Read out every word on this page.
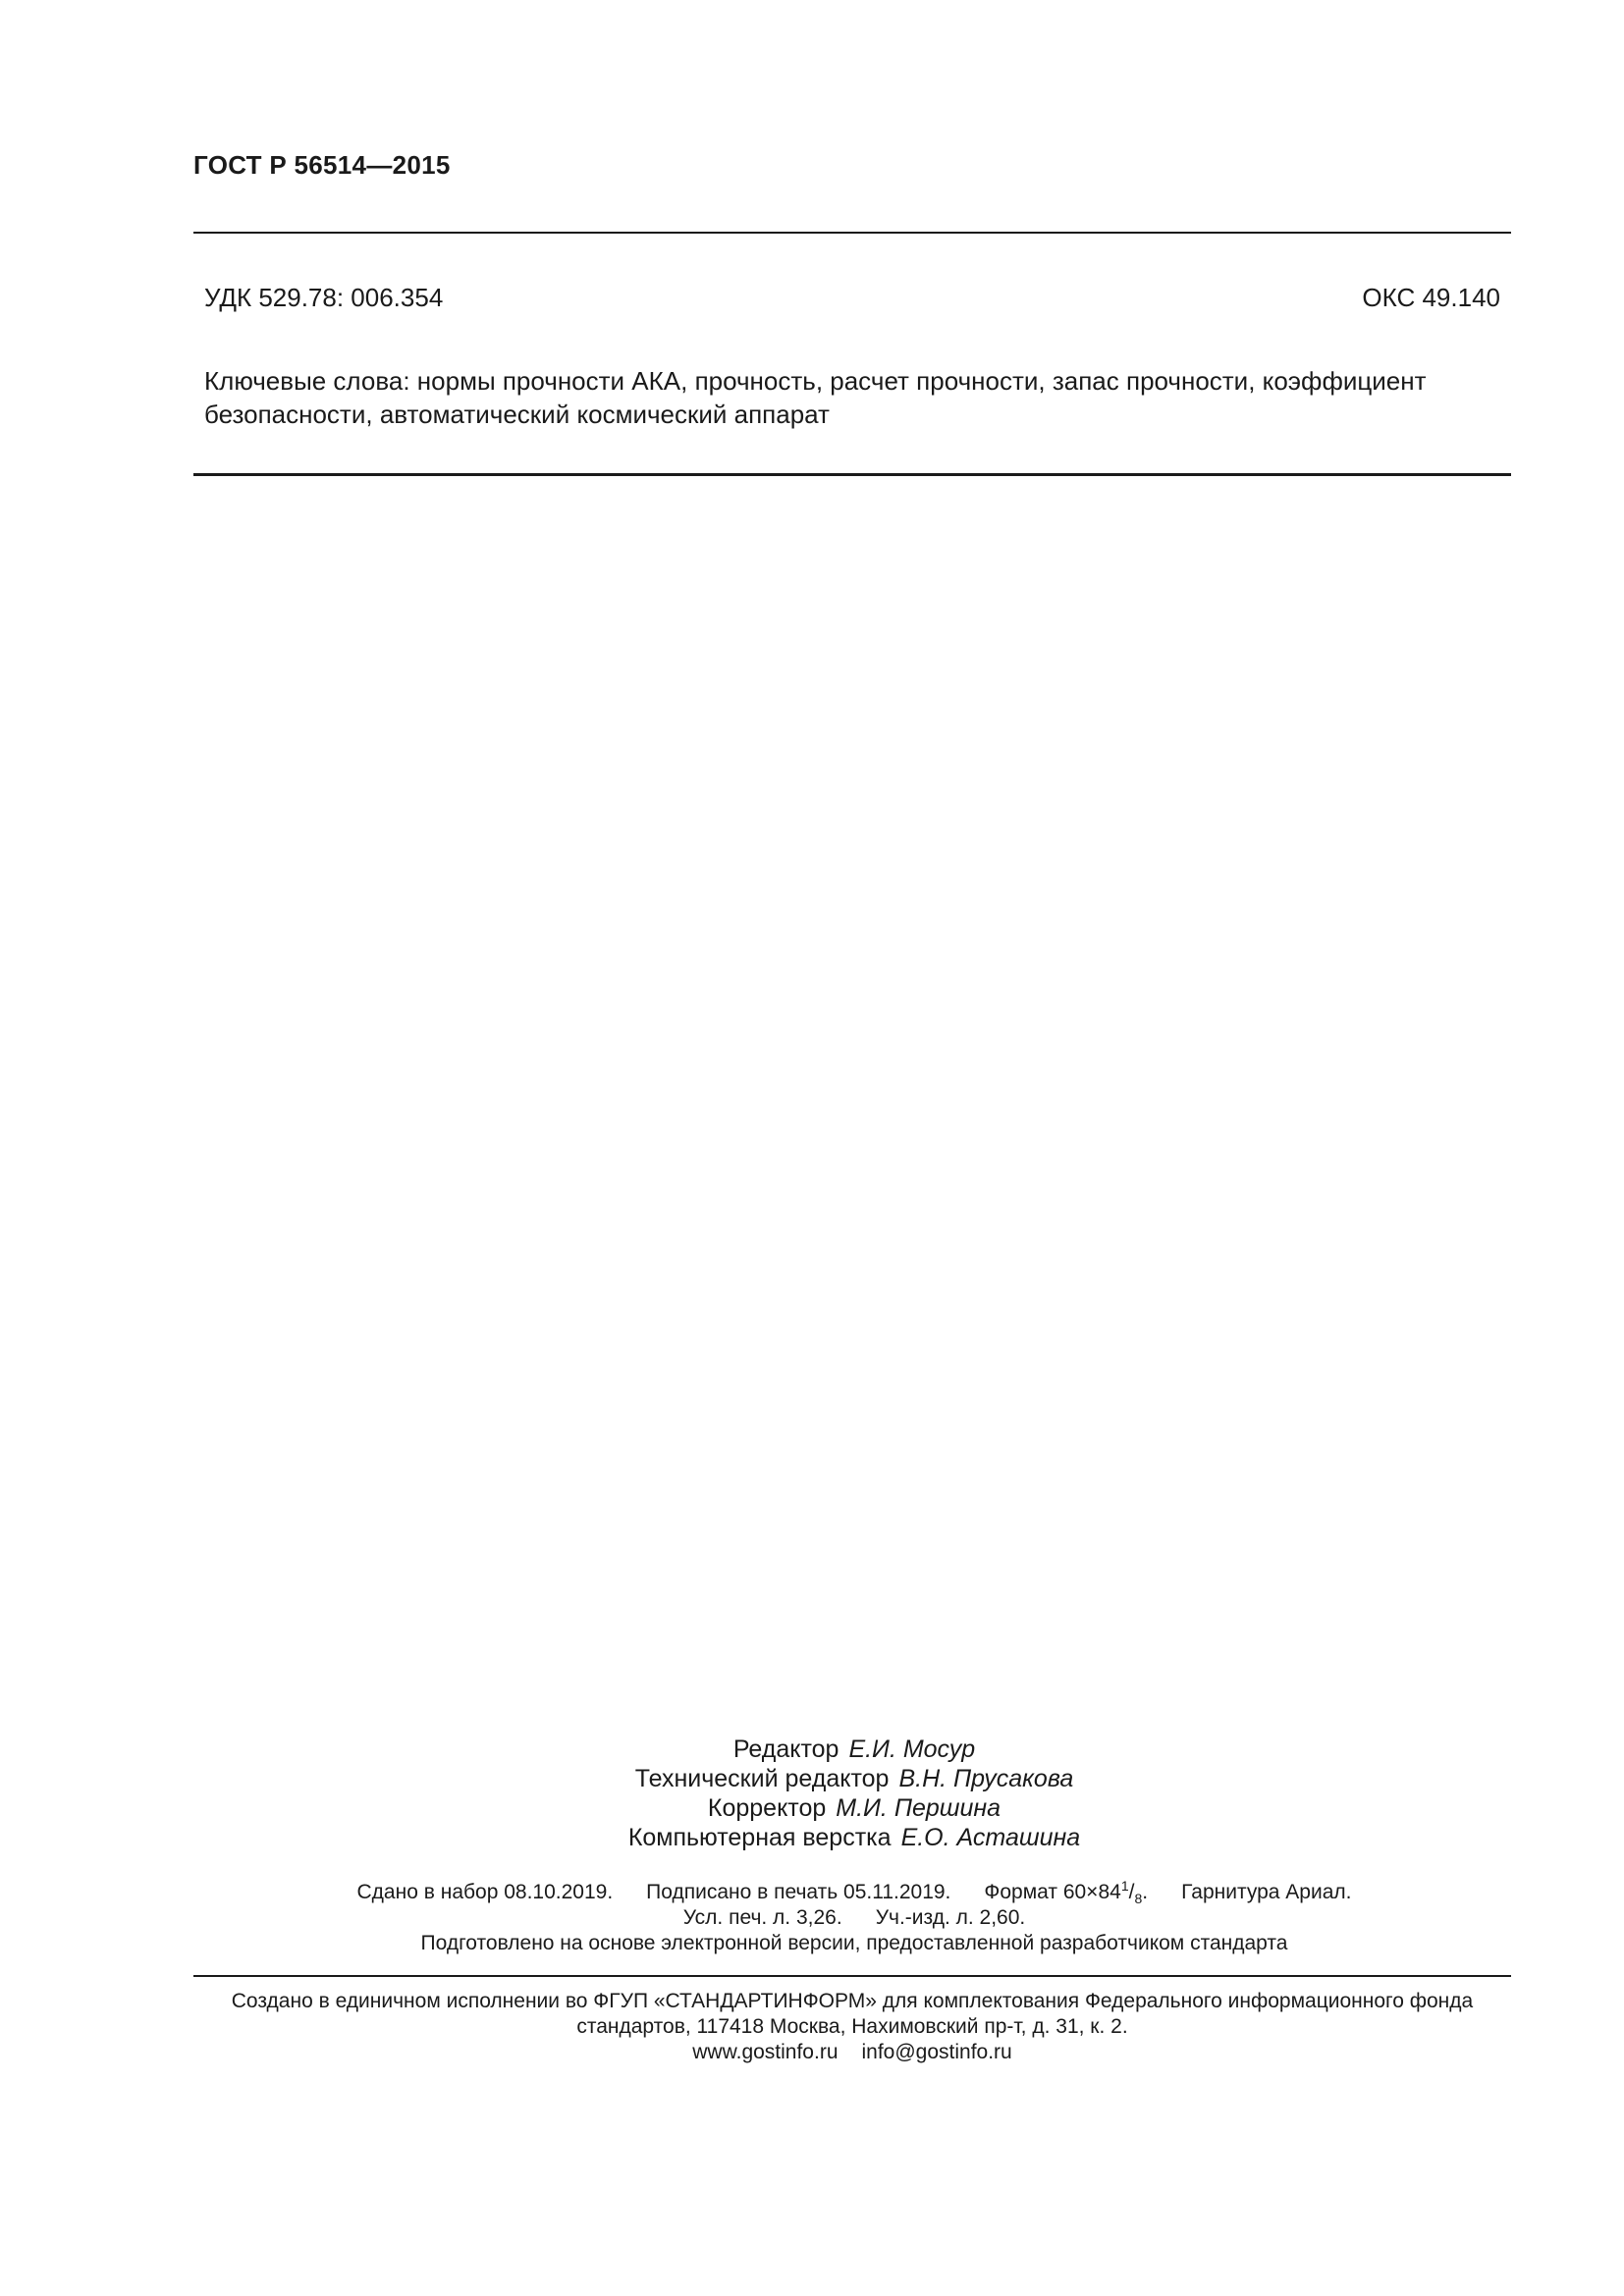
ГОСТ Р 56514—2015
УДК 529.78: 006.354	ОКС 49.140
Ключевые слова: нормы прочности АКА, прочность, расчет прочности, запас прочности, коэффициент безопасности, автоматический космический аппарат
Редактор Е.И. Мосур
Технический редактор В.Н. Прусакова
Корректор М.И. Першина
Компьютерная верстка Е.О. Асташина
Сдано в набор 08.10.2019. Подписано в печать 05.11.2019. Формат $60\times 84^1/_8$. Гарнитура Ариал.
Усл. печ. л. 3,26. Уч.-изд. л. 2,60.
Подготовлено на основе электронной версии, предоставленной разработчиком стандарта
Создано в единичном исполнении во ФГУП «СТАНДАРТИНФОРМ» для комплектования Федерального информационного фонда
стандартов, 117418 Москва, Нахимовский пр-т, д. 31, к. 2.
www.gostinfo.ru info@gostinfo.ru
